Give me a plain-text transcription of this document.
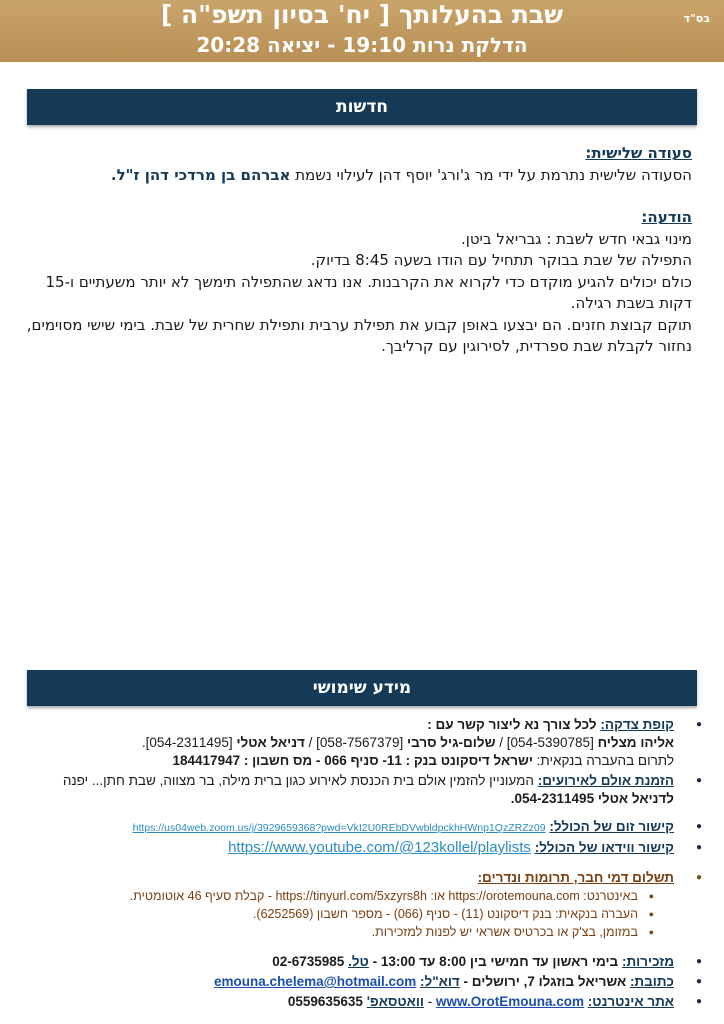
בס"ד
שבת בהעלותך [ יח' בסיון תשפ"ה ]
הדלקת נרות 19:10 - יציאה 20:28
חדשות
סעודה שלישית:
הסעודה שלישית נתרמת על ידי מר ג'ורג' יוסף דהן לעילוי נשמת אברהם בן מרדכי דהן ז"ל.
הודעה:
מינוי גבאי חדש לשבת : גבריאל ביטן.
התפילה של שבת בבוקר תתחיל עם הודו בשעה 8:45 בדיוק.
כולם יכולים להגיע מוקדם כדי לקרוא את הקרבנות. אנו נדאג שהתפילה תימשך לא יותר משעתיים ו-15 דקות בשבת רגילה.
תוקם קבוצת חזנים. הם יבצעו באופן קבוע את תפילת ערבית ותפילת שחרית של שבת. בימי שישי מסוימים, נחזור לקבלת שבת ספרדית, לסירוגין עם קרליבך.
מידע שימושי
● קופת צדקה: לכל צורך נא ליצור קשר עם :
אליהו מצליח [054-5390785] / שלום-גיל סרבי [058-7567379] / דניאל אטלי [054-2311495].
לתרום בהעברה בנקאית: ישראל דיסקונט בנק : 11- סניף 066 - מס חשבון : 184417947
● הזמנת אולם לאירועים: המעוניין להזמין אולם בית הכנסת לאירוע כגון ברית מילה, בר מצווה, שבת חתן... יפנה לדניאל אטלי 054-2311495.
● קישור זום של הכולל: https://us04web.zoom.us/j/3929659368?pwd=VkI2U0REbDVwbldpckhHWnp1QzZRZz09
● קישור ווידאו של הכולל: https://www.youtube.com/@123kollel/playlists
● תשלום דמי חבר, תרומות ונדרים:
● באינטרנט: https://orotemouna.com או: https://tinyurl.com/5xzyrs8h - קבלת סעיף 46 אוטומטית.
● העברה בנקאית: בנק דיסקונט (11) - סניף (066) - מספר חשבון (6252569).
● במזומן, בצ'ק או בכרטיס אשראי יש לפנות למזכירות.
● מזכירות: בימי ראשון עד חמישי בין 8:00 עד 13:00 - טל. 02-6735985
● כתובת: אשריאל בוזגלו 7, ירושלים - דוא"ל: emouna.chelema@hotmail.com
● אתר אינטרנט: www.OrotEmouna.com - וואטסאפ' 0559635635
